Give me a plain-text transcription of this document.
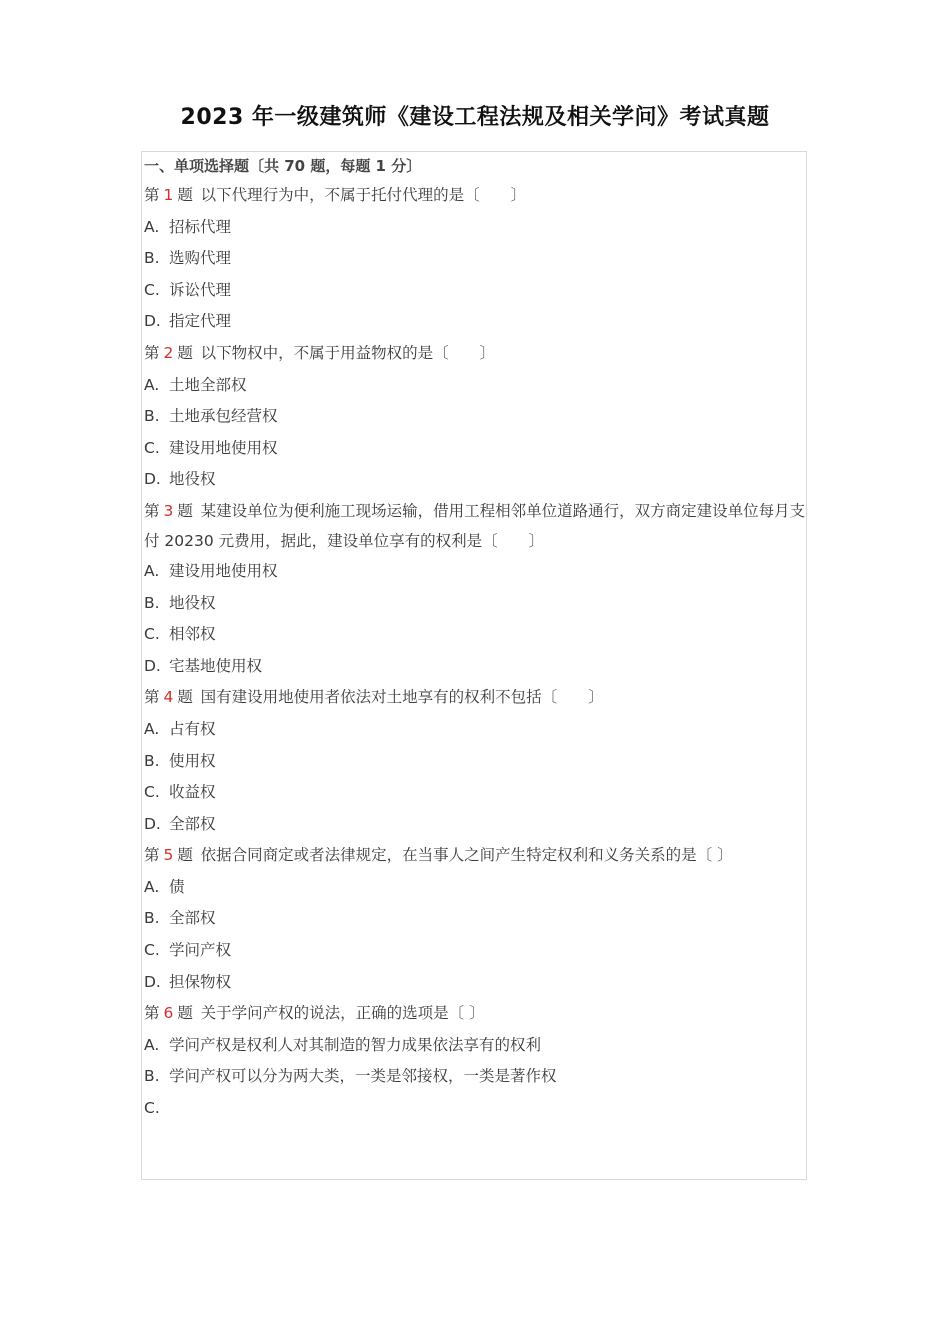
2023 年一级建筑师《建设工程法规及相关学问》考试真题
一、单项选择题〔共 70 题，每题 1 分〕
第 1 题  以下代理行为中，不属于托付代理的是〔　　〕
A. 招标代理
B. 选购代理
C. 诉讼代理
D. 指定代理
第 2 题  以下物权中，不属于用益物权的是〔　　〕
A. 土地全部权
B. 土地承包经营权
C. 建设用地使用权
D. 地役权
第 3 题  某建设单位为便利施工现场运输，借用工程相邻单位道路通行，双方商定建设单位每月支付 20230 元费用，据此，建设单位享有的权利是〔　　〕
A. 建设用地使用权
B. 地役权
C. 相邻权
D. 宅基地使用权
第 4 题  国有建设用地使用者依法对土地享有的权利不包括〔　　〕
A. 占有权
B. 使用权
C. 收益权
D. 全部权
第 5 题  依据合同商定或者法律规定，在当事人之间产生特定权利和义务关系的是〔 〕
A. 债
B. 全部权
C. 学问产权
D. 担保物权
第 6 题  关于学问产权的说法，正确的选项是〔 〕
A. 学问产权是权利人对其制造的智力成果依法享有的权利
B. 学问产权可以分为两大类，一类是邻接权，一类是著作权
C.
